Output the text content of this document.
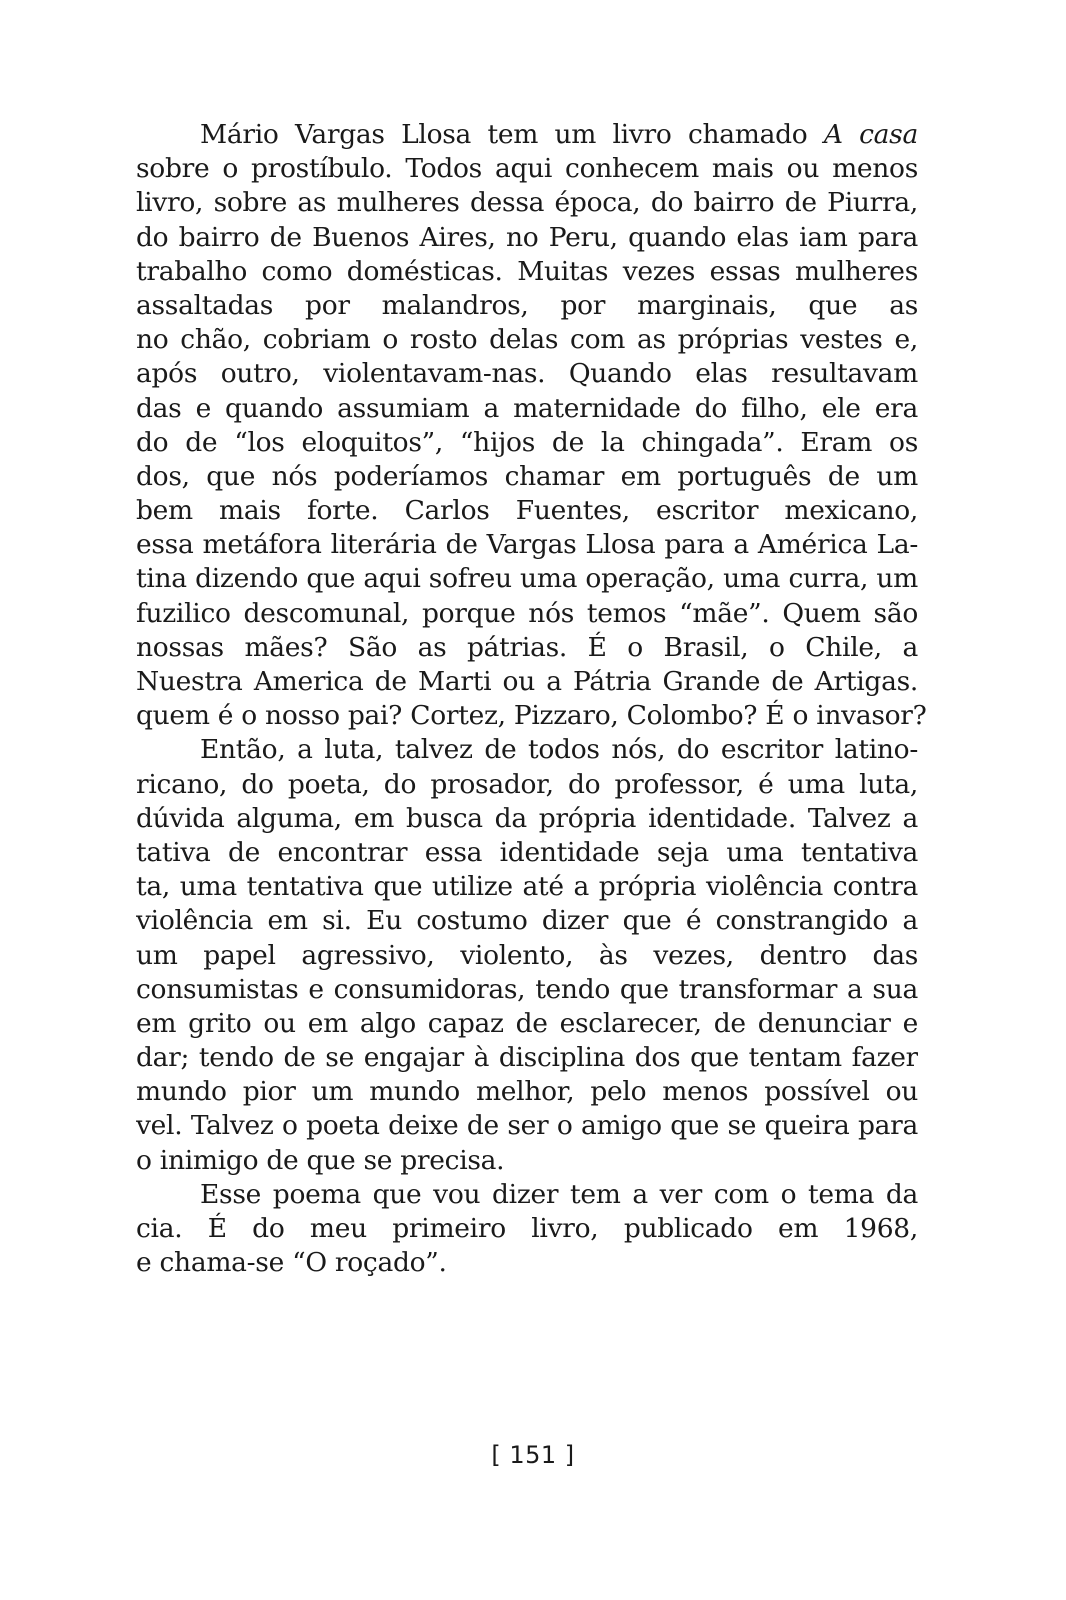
Mário Vargas Llosa tem um livro chamado A casa
sobre o prostíbulo. Todos aqui conhecem mais ou menos
livro, sobre as mulheres dessa época, do bairro de Piurra,
do bairro de Buenos Aires, no Peru, quando elas iam para
trabalho como domésticas. Muitas vezes essas mulheres
assaltadas por malandros, por marginais, que as
no chão, cobriam o rosto delas com as próprias vestes e,
após outro, violentavam-nas. Quando elas resultavam
das e quando assumiam a maternidade do filho, ele era
do de “los eloquitos”, “hijos de la chingada”. Eram os
dos, que nós poderíamos chamar em português de um
bem mais forte. Carlos Fuentes, escritor mexicano,
essa metáfora literária de Vargas Llosa para a América La-
tina dizendo que aqui sofreu uma operação, uma curra, um
fuzilico descomunal, porque nós temos “mãe”. Quem são
nossas mães? São as pátrias. É o Brasil, o Chile, a
Nuestra America de Marti ou a Pátria Grande de Artigas.
quem é o nosso pai? Cortez, Pizzaro, Colombo? É o invasor?
Então, a luta, talvez de todos nós, do escritor latino-
ricano, do poeta, do prosador, do professor, é uma luta,
dúvida alguma, em busca da própria identidade. Talvez a
tativa de encontrar essa identidade seja uma tentativa
ta, uma tentativa que utilize até a própria violência contra
violência em si. Eu costumo dizer que é constrangido a
um papel agressivo, violento, às vezes, dentro das
consumistas e consumidoras, tendo que transformar a sua
em grito ou em algo capaz de esclarecer, de denunciar e
dar; tendo de se engajar à disciplina dos que tentam fazer
mundo pior um mundo melhor, pelo menos possível ou
vel. Talvez o poeta deixe de ser o amigo que se queira para
o inimigo de que se precisa.
Esse poema que vou dizer tem a ver com o tema da
cia. É do meu primeiro livro, publicado em 1968,
e chama-se “O roçado”.
[ 151 ]
